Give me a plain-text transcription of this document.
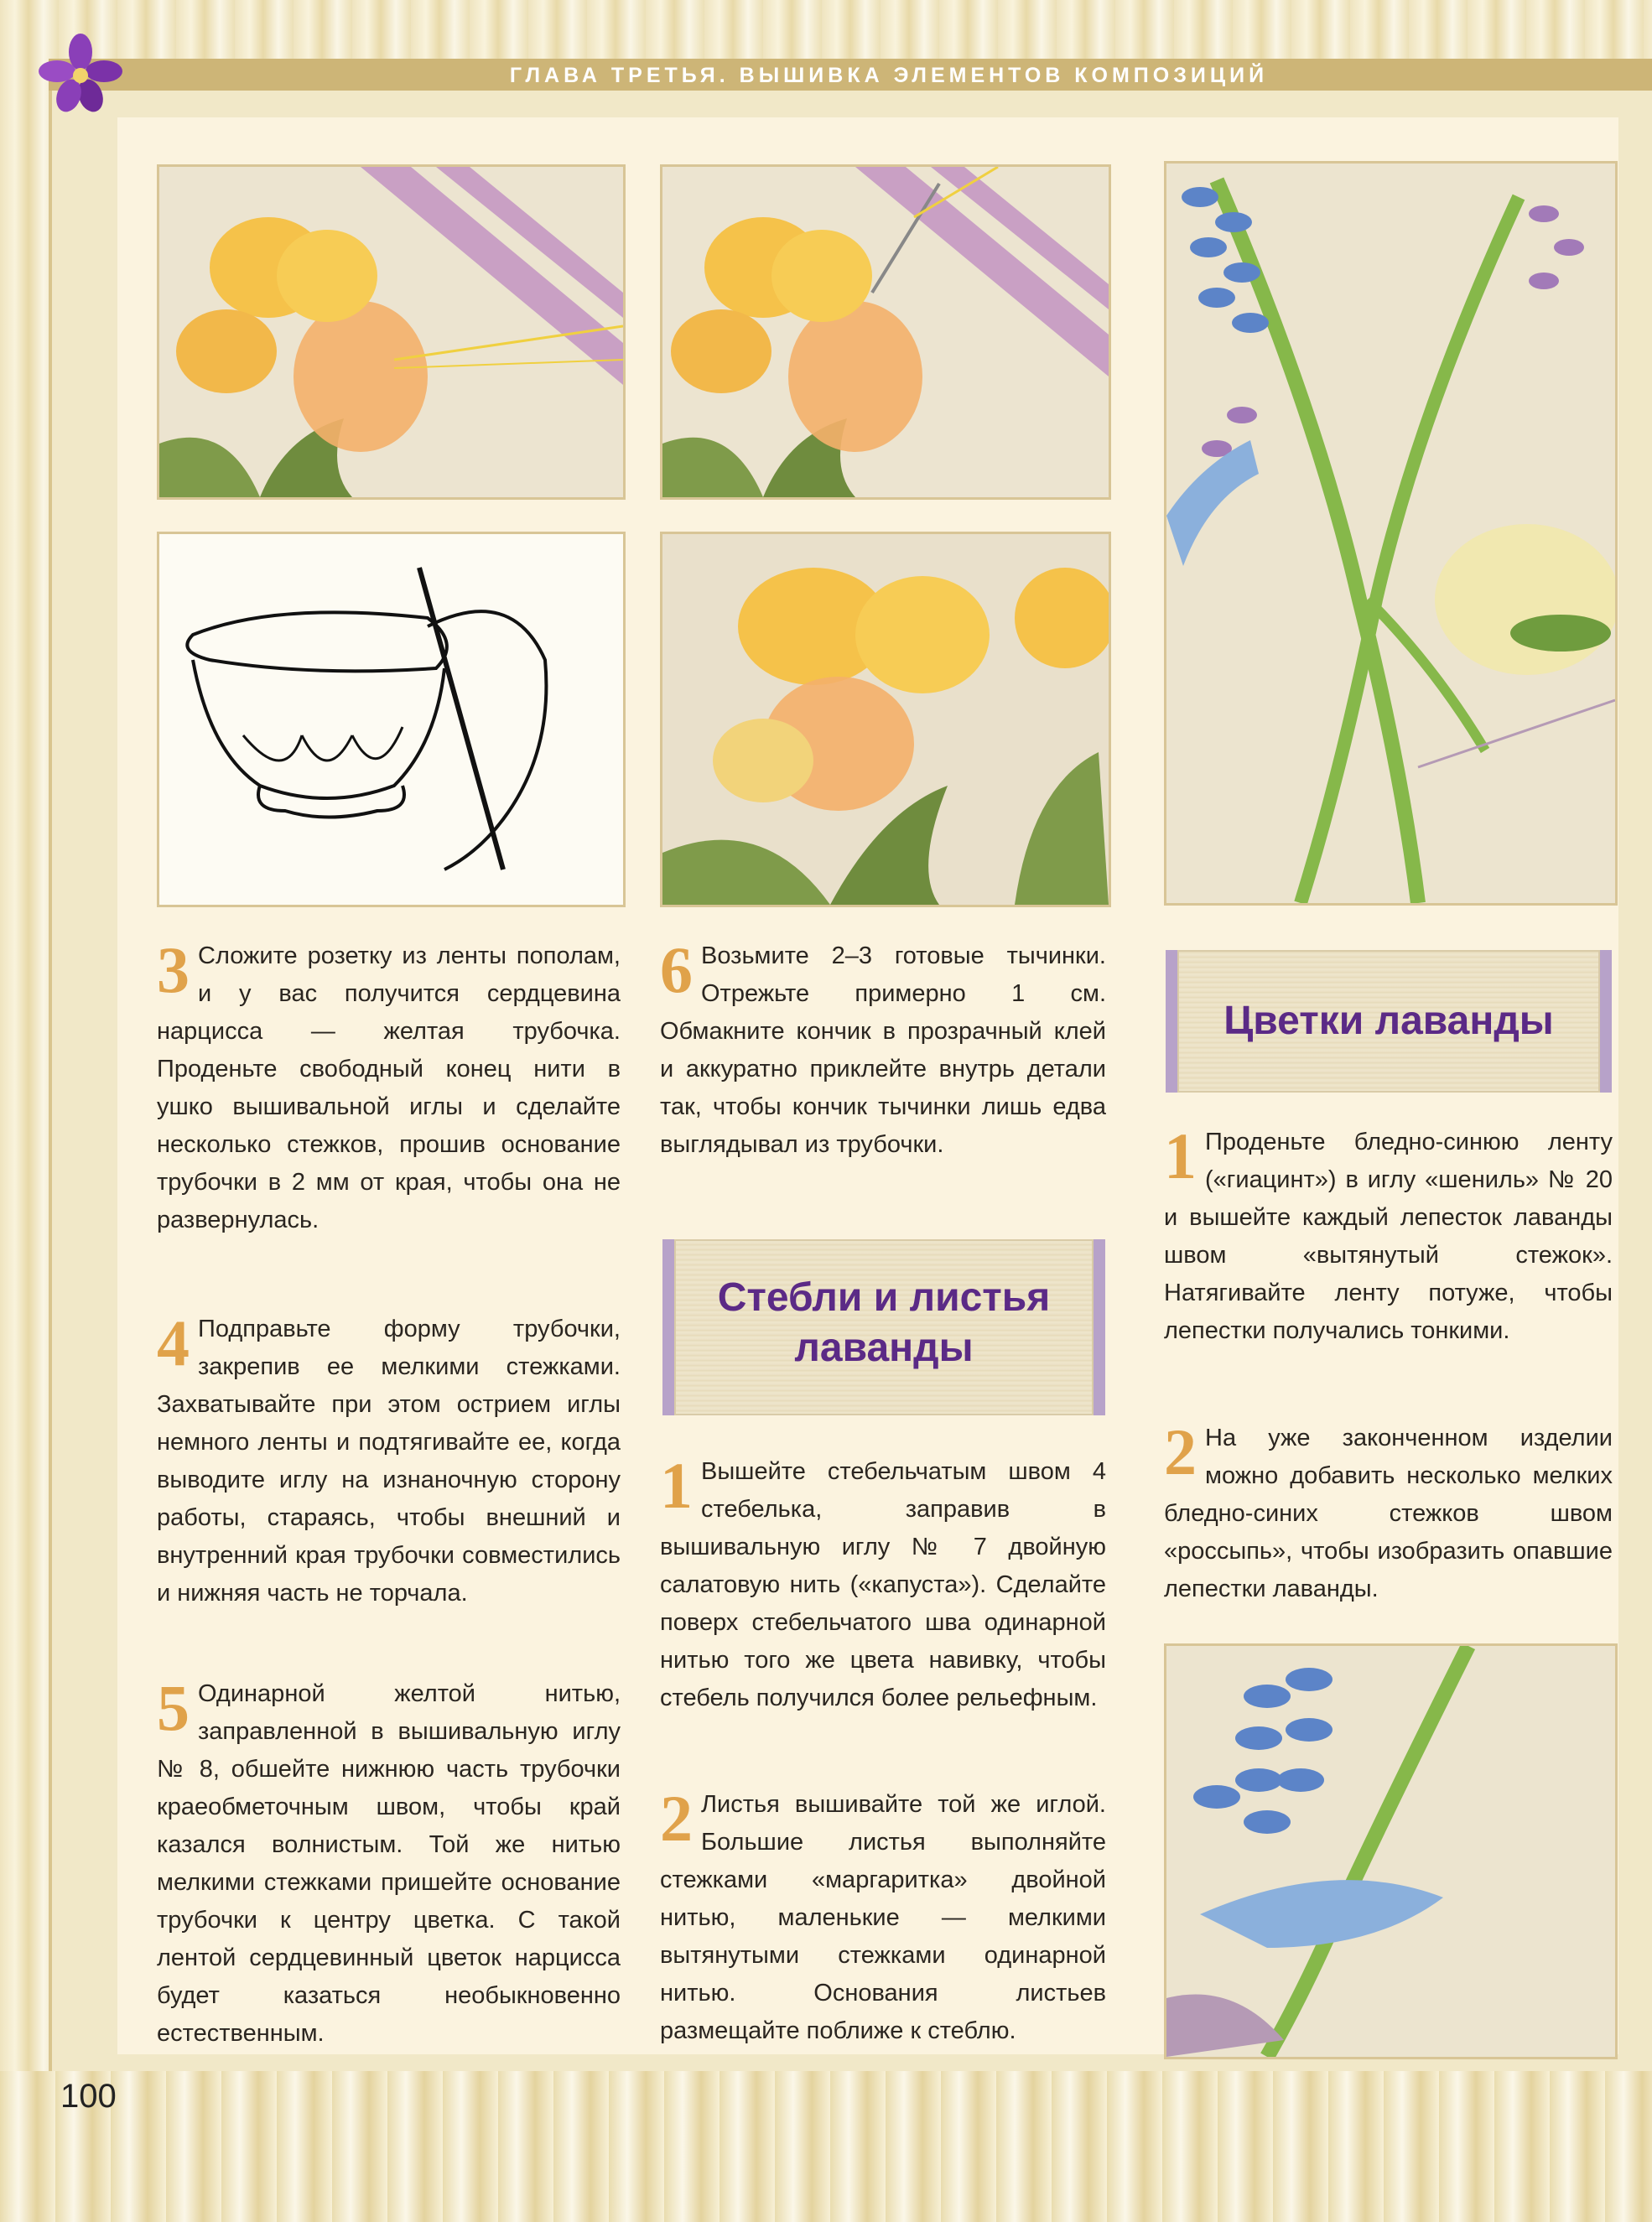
ГЛАВА ТРЕТЬЯ. ВЫШИВКА ЭЛЕМЕНТОВ КОМПОЗИЦИЙ
3 Сложите розетку из ленты пополам, и у вас получится сердцевина нарцисса — желтая трубочка. Проденьте свободный конец нити в ушко вышивальной иглы и сделайте несколько стежков, прошив основание трубочки в 2 мм от края, чтобы она не развернулась.
4 Подправьте форму трубочки, закрепив ее мелкими стежками. Захватывайте при этом острием иглы немного ленты и подтягивайте ее, когда выводите иглу на изнаночную сторону работы, стараясь, чтобы внешний и внутренний края трубочки совместились и нижняя часть не торчала.
5 Одинарной желтой нитью, заправленной в вышивальную иглу № 8, обшейте нижнюю часть трубочки краеобметочным швом, чтобы край казался волнистым. Той же нитью мелкими стежками пришейте основание трубочки к центру цветка. С такой лентой сердцевинный цветок нарцисса будет казаться необыкновенно естественным.
6 Возьмите 2–3 готовые тычинки. Отрежьте примерно 1 см. Обмакните кончик в прозрачный клей и аккуратно приклейте внутрь детали так, чтобы кончик тычинки лишь едва выглядывал из трубочки.
Стебли и листья
лаванды
1 Вышейте стебельчатым швом 4 стебелька, заправив в вышивальную иглу № 7 двойную салатовую нить («капуста»). Сделайте поверх стебельчатого шва одинарной нитью того же цвета навивку, чтобы стебель получился более рельефным.
2 Листья вышивайте той же иглой. Большие листья выполняйте стежками «маргаритка» двойной нитью, маленькие — мелкими вытянутыми стежками одинарной нитью. Основания листьев размещайте поближе к стеблю.
Цветки лаванды
1 Проденьте бледно-синюю ленту («гиацинт») в иглу «шениль» № 20 и вышейте каждый лепесток лаванды швом «вытянутый стежок». Натягивайте ленту потуже, чтобы лепестки получались тонкими.
2 На уже законченном изделии можно добавить несколько мелких бледно-синих стежков швом «россыпь», чтобы изобразить опавшие лепестки лаванды.
100
